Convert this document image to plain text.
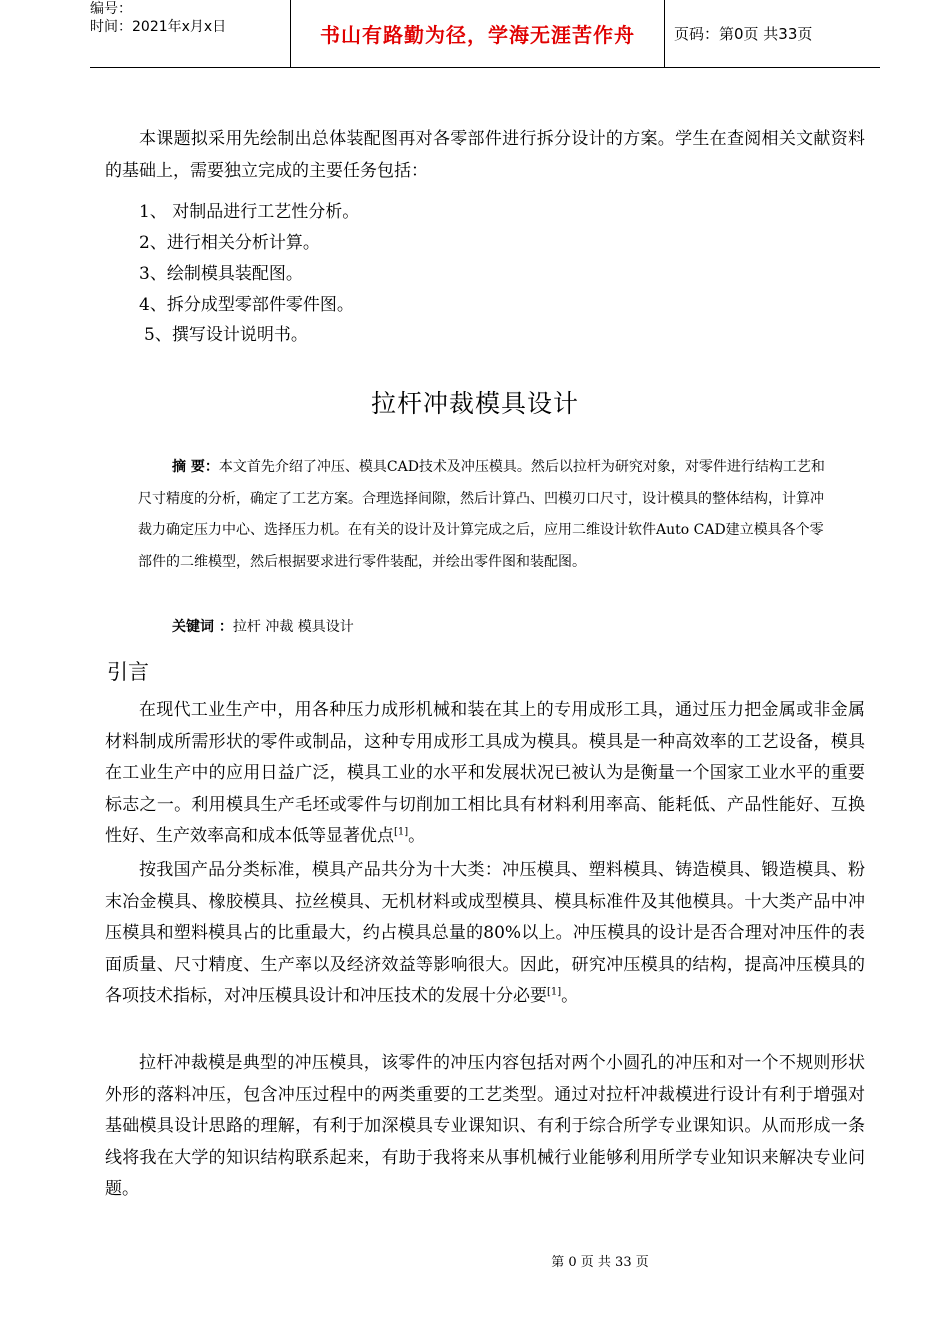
编号：
时间：2021年x月x日	书山有路勤为径，学海无涯苦作舟	页码：第0页 共33页

本课题拟采用先绘制出总体装配图再对各零部件进行拆分设计的方案。学生在查阅相关文献资料的基础上，需要独立完成的主要任务包括：

1、 对制品进行工艺性分析。
2、进行相关分析计算。
3、绘制模具装配图。
4、拆分成型零部件零件图。
5、撰写设计说明书。
拉杆冲裁模具设计

摘 要：本文首先介绍了冲压、模具CAD技术及冲压模具。然后以拉杆为研究对象，对零件进行结构工艺和尺寸精度的分析，确定了工艺方案。合理选择间隙，然后计算凸、凹模刃口尺寸，设计模具的整体结构，计算冲裁力确定压力中心、选择压力机。在有关的设计及计算完成之后，应用二维设计软件Auto CAD建立模具各个零部件的二维模型，然后根据要求进行零件装配，并绘出零件图和装配图。

关键词 ：拉杆 冲裁 模具设计

引言

在现代工业生产中，用各种压力成形机械和装在其上的专用成形工具，通过压力把金属或非金属材料制成所需形状的零件或制品，这种专用成形工具成为模具。模具是一种高效率的工艺设备，模具在工业生产中的应用日益广泛，模具工业的水平和发展状况已被认为是衡量一个国家工业水平的重要标志之一。利用模具生产毛坯或零件与切削加工相比具有材料利用率高、能耗低、产品性能好、互换性好、生产效率高和成本低等显著优点[1]。

按我国产品分类标准，模具产品共分为十大类：冲压模具、塑料模具、铸造模具、锻造模具、粉末冶金模具、橡胶模具、拉丝模具、无机材料或成型模具、模具标准件及其他模具。十大类产品中冲压模具和塑料模具占的比重最大，约占模具总量的80%以上。冲压模具的设计是否合理对冲压件的表面质量、尺寸精度、生产率以及经济效益等影响很大。因此，研究冲压模具的结构，提高冲压模具的各项技术指标，对冲压模具设计和冲压技术的发展十分必要[1]。

拉杆冲裁模是典型的冲压模具，该零件的冲压内容包括对两个小圆孔的冲压和对一个不规则形状外形的落料冲压，包含冲压过程中的两类重要的工艺类型。通过对拉杆冲裁模进行设计有利于增强对基础模具设计思路的理解，有利于加深模具专业课知识、有利于综合所学专业课知识。从而形成一条线将我在大学的知识结构联系起来，有助于我将来从事机械行业能够利用所学专业知识来解决专业问题。

第 0 页 共 33 页
